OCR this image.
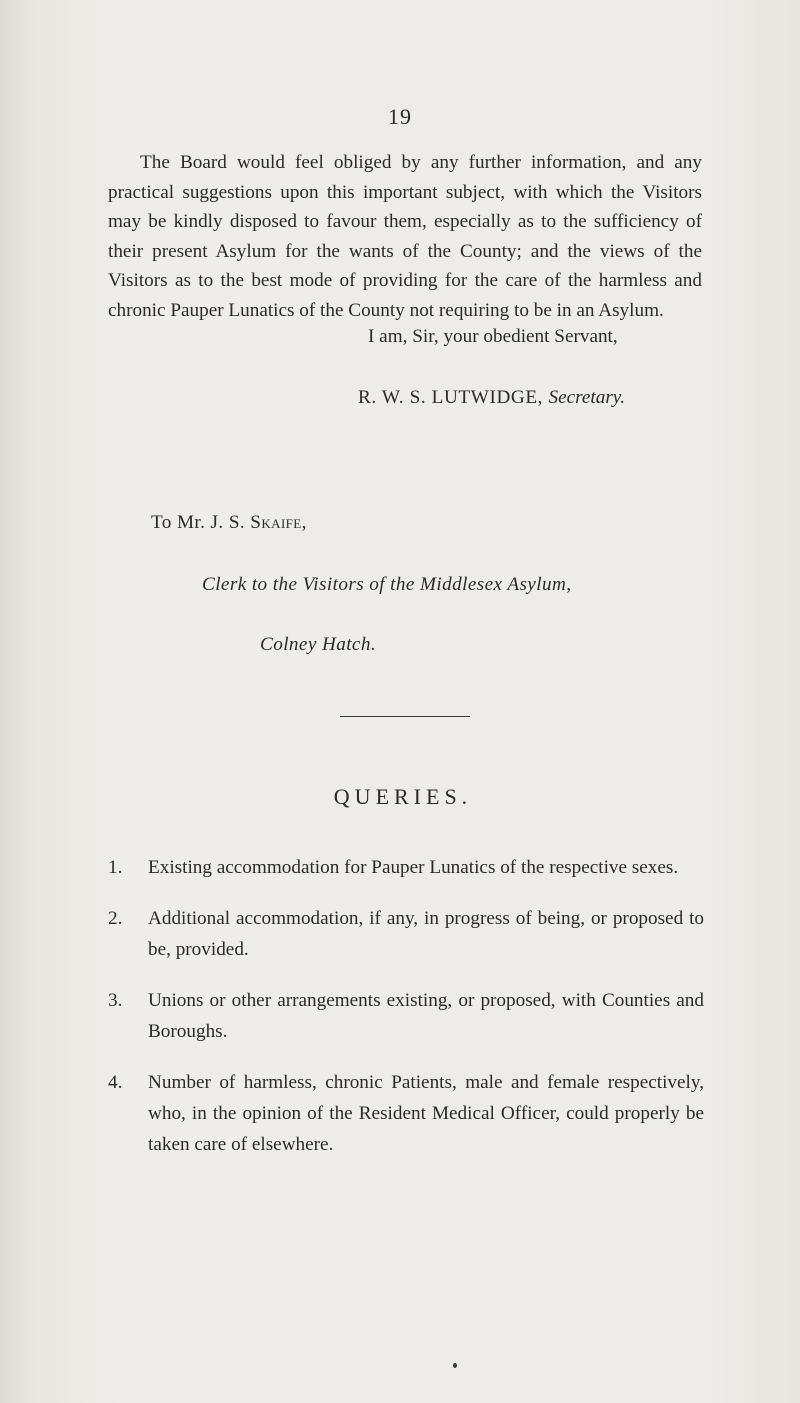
19

The Board would feel obliged by any further information, and any practical suggestions upon this important subject, with which the Visitors may be kindly disposed to favour them, especially as to the sufficiency of their present Asylum for the wants of the County; and the views of the Visitors as to the best mode of providing for the care of the harmless and chronic Pauper Lunatics of the County not requiring to be in an Asylum.

I am, Sir, your obedient Servant,
R. W. S. LUTWIDGE, Secretary.
To Mr. J. S. Skaife,
Clerk to the Visitors of the Middlesex Asylum,
Colney Hatch.
QUERIES.
1. Existing accommodation for Pauper Lunatics of the respective sexes.
2. Additional accommodation, if any, in progress of being, or proposed to be, provided.
3. Unions or other arrangements existing, or proposed, with Counties and Boroughs.
4. Number of harmless, chronic Patients, male and female respectively, who, in the opinion of the Resident Medical Officer, could properly be taken care of elsewhere.
